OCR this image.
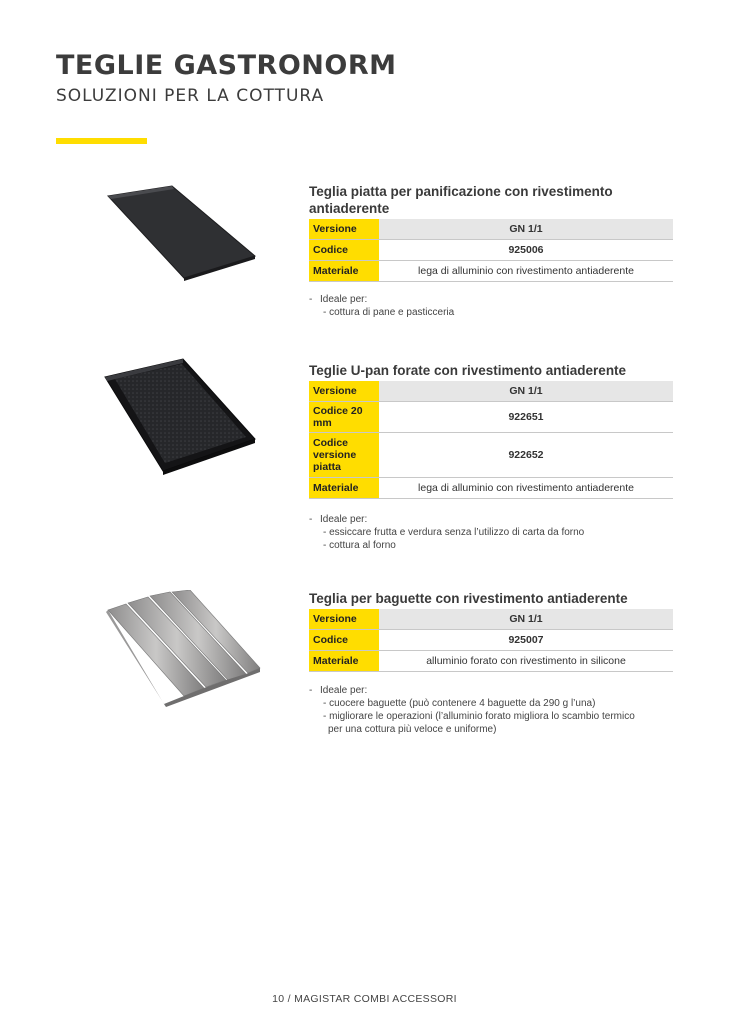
TEGLIE GASTRONORM
SOLUZIONI PER LA COTTURA
Teglia piatta per panificazione con rivestimento antiaderente
Versione	GN 1/1
Codice	925006
Materiale	lega di alluminio con rivestimento antiaderente
- Ideale per:
- cottura di pane e pasticceria
Teglie U-pan forate con rivestimento antiaderente
Versione	GN 1/1
Codice 20 mm	922651
Codice versione piatta	922652
Materiale	lega di alluminio con rivestimento antiaderente
- Ideale per:
- essiccare frutta e verdura senza l’utilizzo di carta da forno
- cottura al forno
Teglia per baguette con rivestimento antiaderente
Versione	GN 1/1
Codice	925007
Materiale	alluminio forato con rivestimento in silicone
- Ideale per:
- cuocere baguette (può contenere 4 baguette da 290 g l’una)
- migliorare le operazioni (l’alluminio forato migliora lo scambio termico
per una cottura più veloce e uniforme)
10 / MAGISTAR COMBI ACCESSORI
